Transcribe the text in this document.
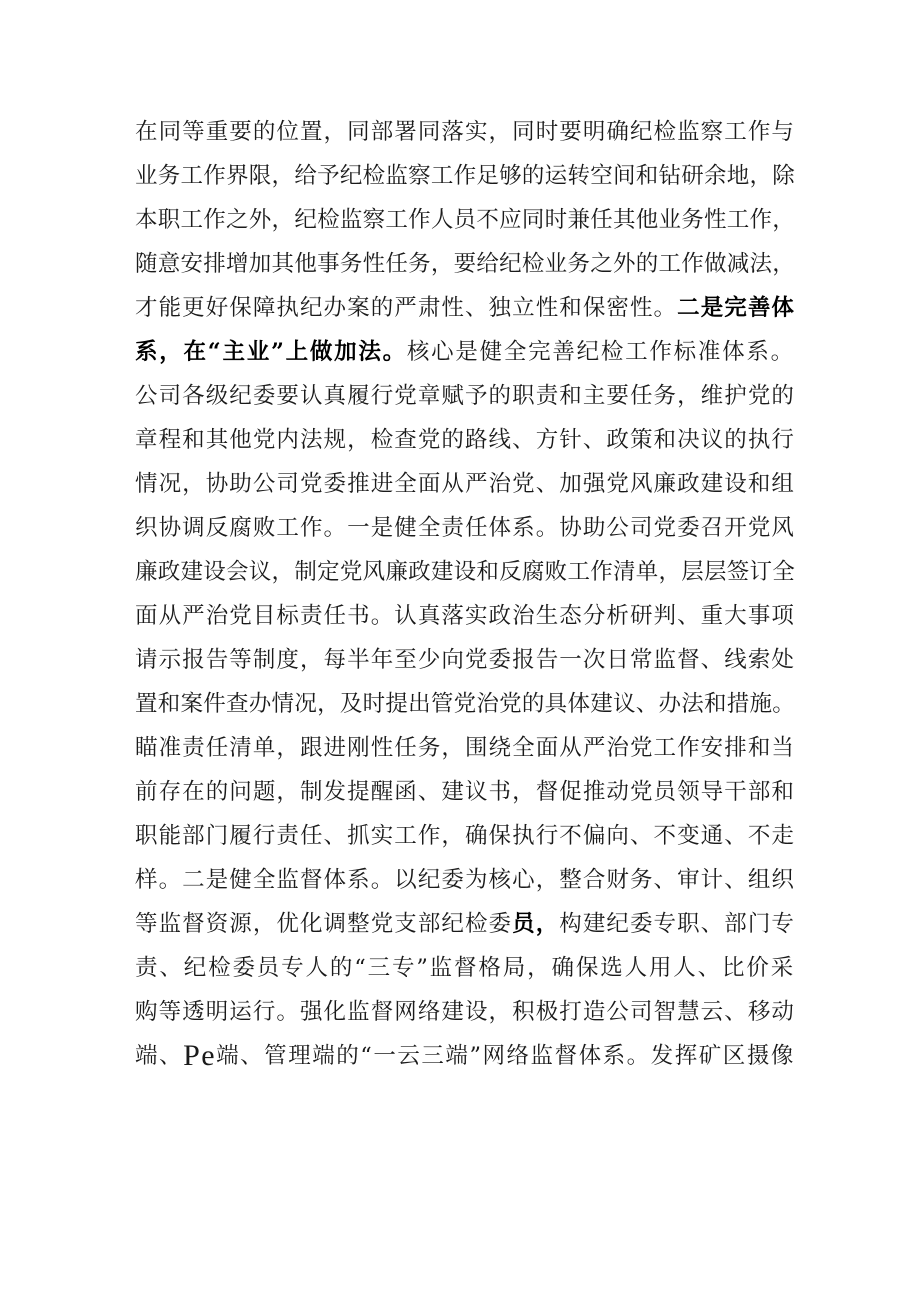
在同等重要的位置，同部署同落实，同时要明确纪检监察工作与
业务工作界限，给予纪检监察工作足够的运转空间和钻研余地，除
本职工作之外，纪检监察工作人员不应同时兼任其他业务性工作，
随意安排增加其他事务性任务，要给纪检业务之外的工作做减法，
才能更好保障执纪办案的严肃性、独立性和保密性。 二是完善体
系，在“主业”上做加法。 核心是健全完善纪检工作标准体系。
公司各级纪委要认真履行党章赋予的职责和主要任务，维护党的
章程和其他党内法规，检查党的路线、方针、政策和决议的执行
情况，协助公司党委推进全面从严治党、加强党风廉政建设和组
织协调反腐败工作。一是健全责任体系。协助公司党委召开党风
廉政建设会议，制定党风廉政建设和反腐败工作清单，层层签订全
面从严治党目标责任书。认真落实政治生态分析研判、重大事项
请示报告等制度，每半年至少向党委报告一次日常监督、线索处
置和案件查办情况，及时提出管党治党的具体建议、办法和措施。
瞄准责任清单，跟进刚性任务，围绕全面从严治党工作安排和当
前存在的问题，制发提醒函、建议书，督促推动党员领导干部和
职能部门履行责任、抓实工作，确保执行不偏向、不变通、不走
样。二是健全监督体系。以纪委为核心，整合财务、审计、组织
等监督资源，优化调整党支部纪检委 员， 构建纪委专职、部门专
责、纪检委员专人的“三专”监督格局，确保选人用人、比价采
购等透明运行。强化监督网络建设，积极打造公司智慧云、移动
端、 Pe 端、管理端的“一云三端”网络监督体系。发挥矿区摄像
